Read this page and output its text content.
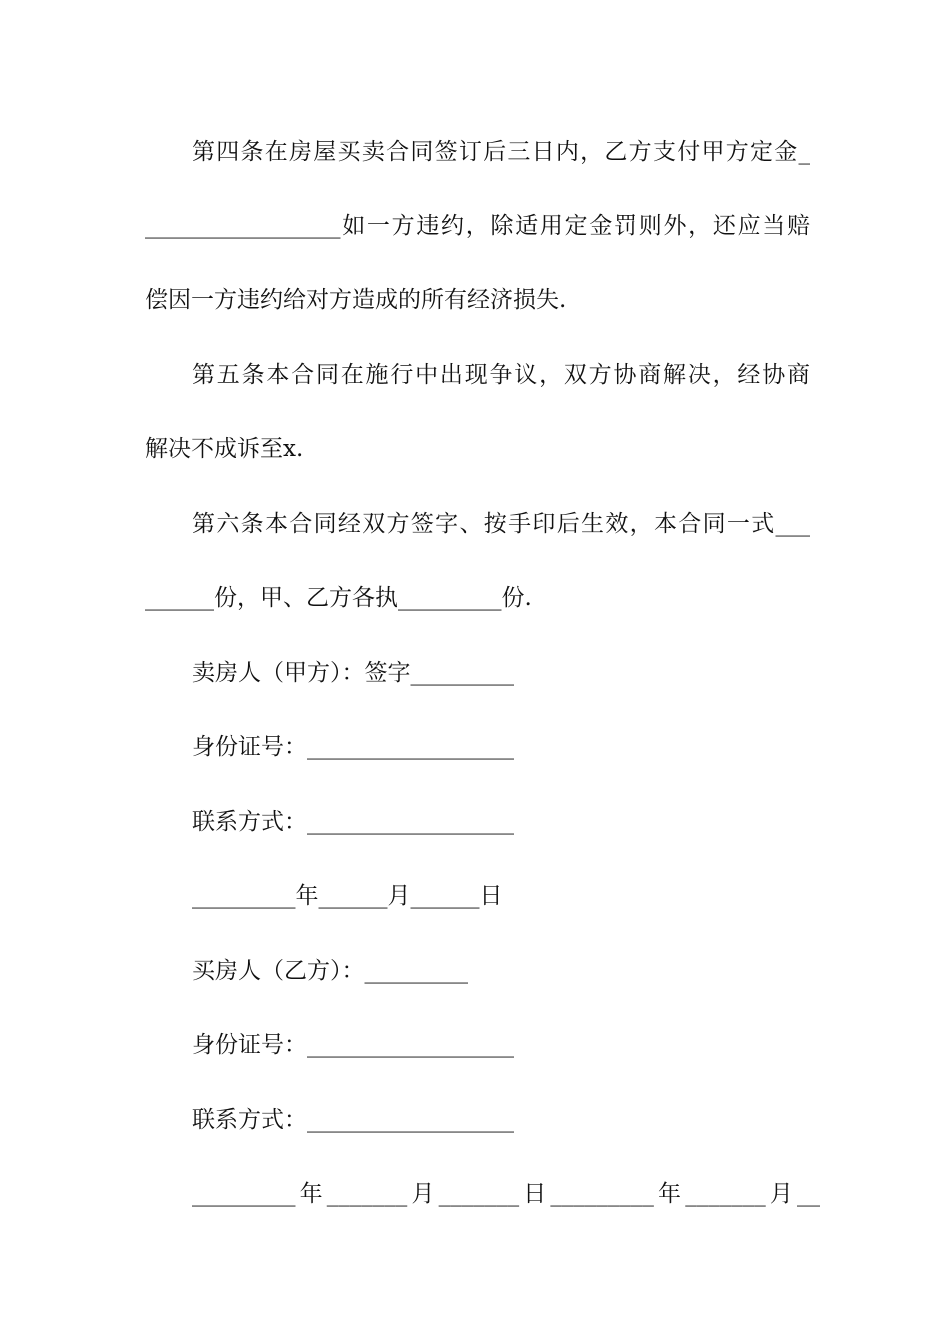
第四条在房屋买卖合同签订后三日内，乙方支付甲方定金_
_________________如一方违约，除适用定金罚则外，还应当赔
偿因一方违约给对方造成的所有经济损失.
第五条本合同在施行中出现争议，双方协商解决，经协商
解决不成诉至x.
第六条本合同经双方签字、按手印后生效，本合同一式___
______份，甲、乙方各执_________份.
卖房人（甲方）：签字_________
身份证号：__________________
联系方式：__________________
_________年______月______日
买房人（乙方）：_________
身份证号：__________________
联系方式：__________________
_________年_______月_______日_________年_______月__
